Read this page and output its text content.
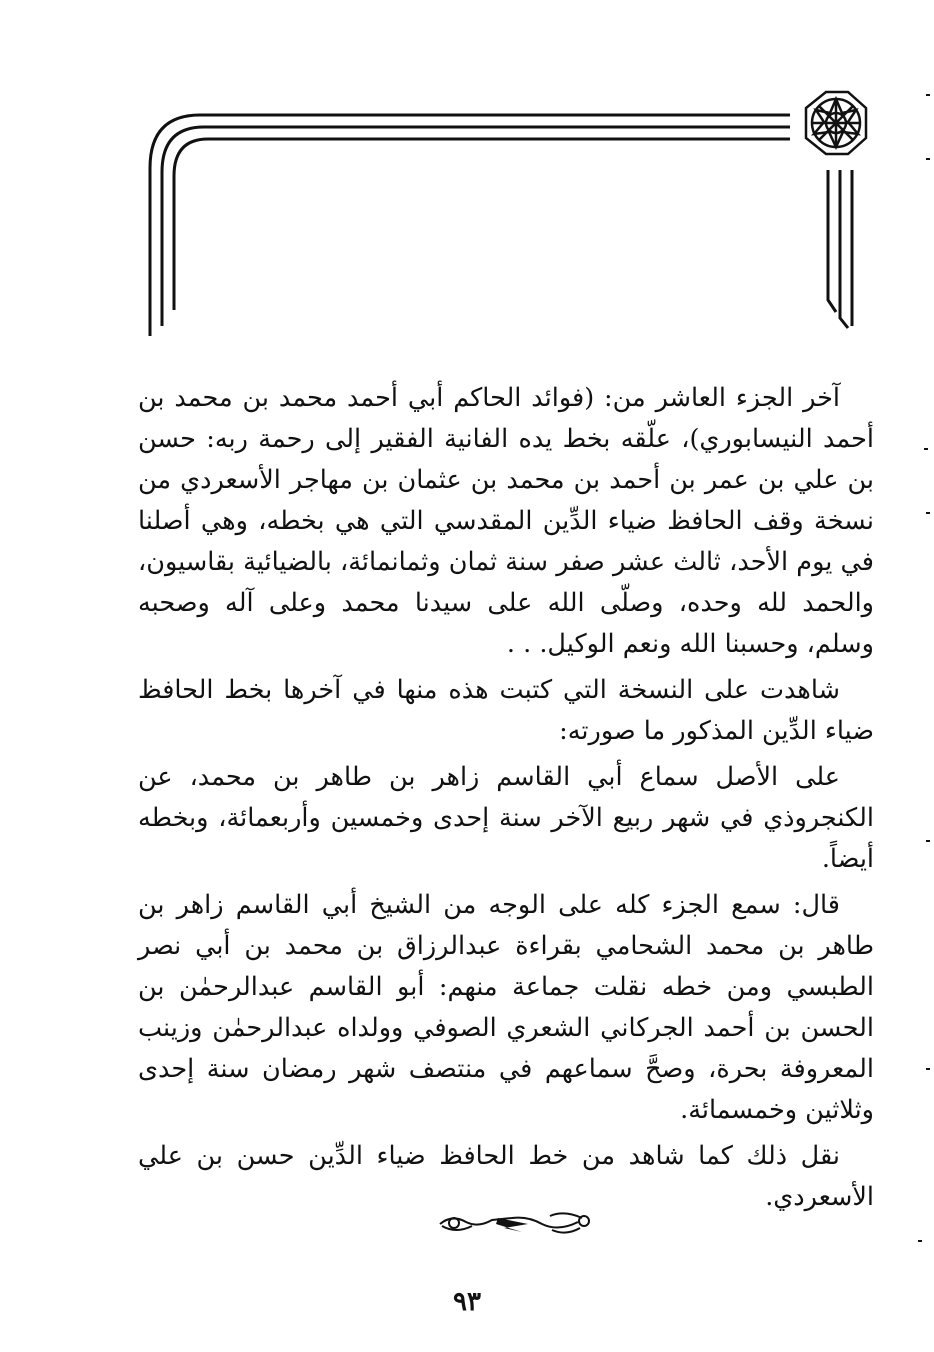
آخر الجزء العاشر من: (فوائد الحاكم أبي أحمد محمد بن محمد بن أحمد النيسابوري)، علّقه بخط يده الفانية الفقير إلى رحمة ربه: حسن بن علي بن عمر بن أحمد بن محمد بن عثمان بن مهاجر الأسعردي من نسخة وقف الحافظ ضياء الدِّين المقدسي التي هي بخطه، وهي أصلنا في يوم الأحد، ثالث عشر صفر سنة ثمان وثمانمائة، بالضيائية بقاسيون، والحمد لله وحده، وصلّى الله على سيدنا محمد وعلى آله وصحبه وسلم، وحسبنا الله ونعم الوكيل. . .

شاهدت على النسخة التي كتبت هذه منها في آخرها بخط الحافظ ضياء الدِّين المذكور ما صورته:

على الأصل سماع أبي القاسم زاهر بن طاهر بن محمد، عن الكنجروذي في شهر ربيع الآخر سنة إحدى وخمسين وأربعمائة، وبخطه أيضاً.

قال: سمع الجزء كله على الوجه من الشيخ أبي القاسم زاهر بن طاهر بن محمد الشحامي بقراءة عبدالرزاق بن محمد بن أبي نصر الطبسي ومن خطه نقلت جماعة منهم: أبو القاسم عبدالرحمٰن بن الحسن بن أحمد الجركاني الشعري الصوفي وولداه عبدالرحمٰن وزينب المعروفة بحرة، وصحَّ سماعهم في منتصف شهر رمضان سنة إحدى وثلاثين وخمسمائة.

نقل ذلك كما شاهد من خط الحافظ ضياء الدِّين حسن بن علي الأسعردي.

٩٣
